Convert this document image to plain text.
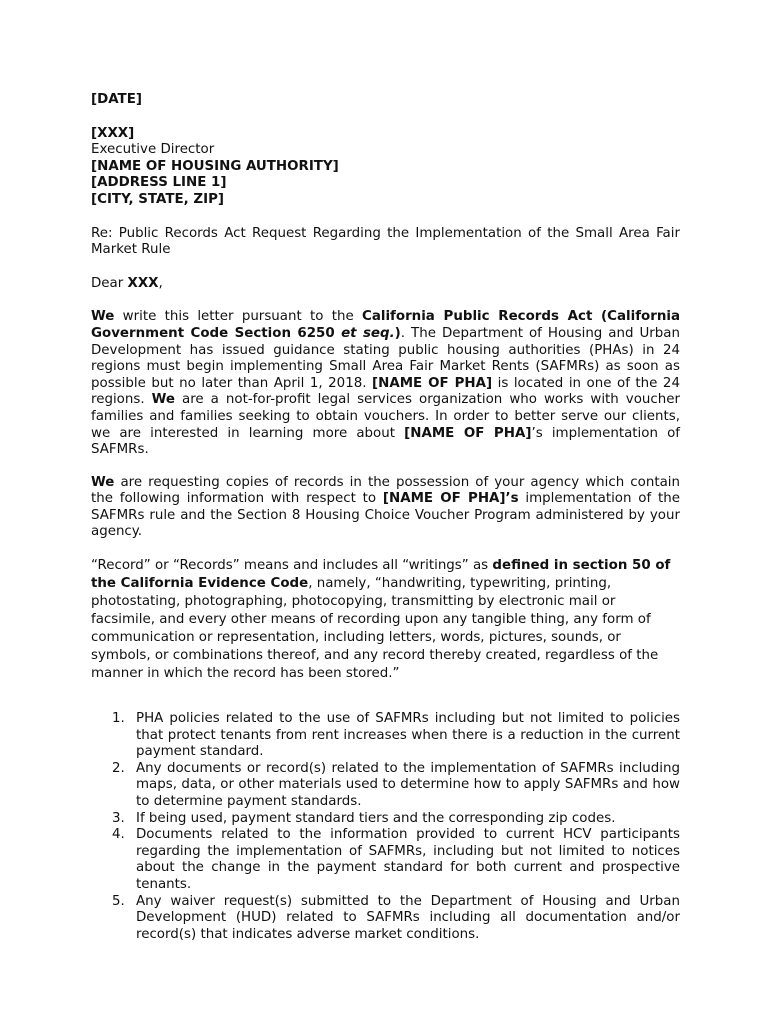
[DATE]
[XXX]
Executive Director
[NAME OF HOUSING AUTHORITY]
[ADDRESS LINE 1]
[CITY, STATE, ZIP]

Re: Public Records Act Request Regarding the Implementation of the Small Area Fair Market Rule

Dear XXX,

We write this letter pursuant to the California Public Records Act (California Government Code Section 6250 et seq.). The Department of Housing and Urban Development has issued guidance stating public housing authorities (PHAs) in 24 regions must begin implementing Small Area Fair Market Rents (SAFMRs) as soon as possible but no later than April 1, 2018. [NAME OF PHA] is located in one of the 24 regions. We are a not-for-profit legal services organization who works with voucher families and families seeking to obtain vouchers. In order to better serve our clients, we are interested in learning more about [NAME OF PHA]’s implementation of SAFMRs.

We are requesting copies of records in the possession of your agency which contain the following information with respect to [NAME OF PHA]’s implementation of the SAFMRs rule and the Section 8 Housing Choice Voucher Program administered by your agency.

“Record” or “Records” means and includes all “writings” as defined in section 50 of the California Evidence Code, namely, “handwriting, typewriting, printing, photostating, photographing, photocopying, transmitting by electronic mail or facsimile, and every other means of recording upon any tangible thing, any form of communication or representation, including letters, words, pictures, sounds, or symbols, or combinations thereof, and any record thereby created, regardless of the manner in which the record has been stored.”

1. PHA policies related to the use of SAFMRs including but not limited to policies that protect tenants from rent increases when there is a reduction in the current payment standard.
2. Any documents or record(s) related to the implementation of SAFMRs including maps, data, or other materials used to determine how to apply SAFMRs and how to determine payment standards.
3. If being used, payment standard tiers and the corresponding zip codes.
4. Documents related to the information provided to current HCV participants regarding the implementation of SAFMRs, including but not limited to notices about the change in the payment standard for both current and prospective tenants.
5. Any waiver request(s) submitted to the Department of Housing and Urban Development (HUD) related to SAFMRs including all documentation and/or record(s) that indicates adverse market conditions.
